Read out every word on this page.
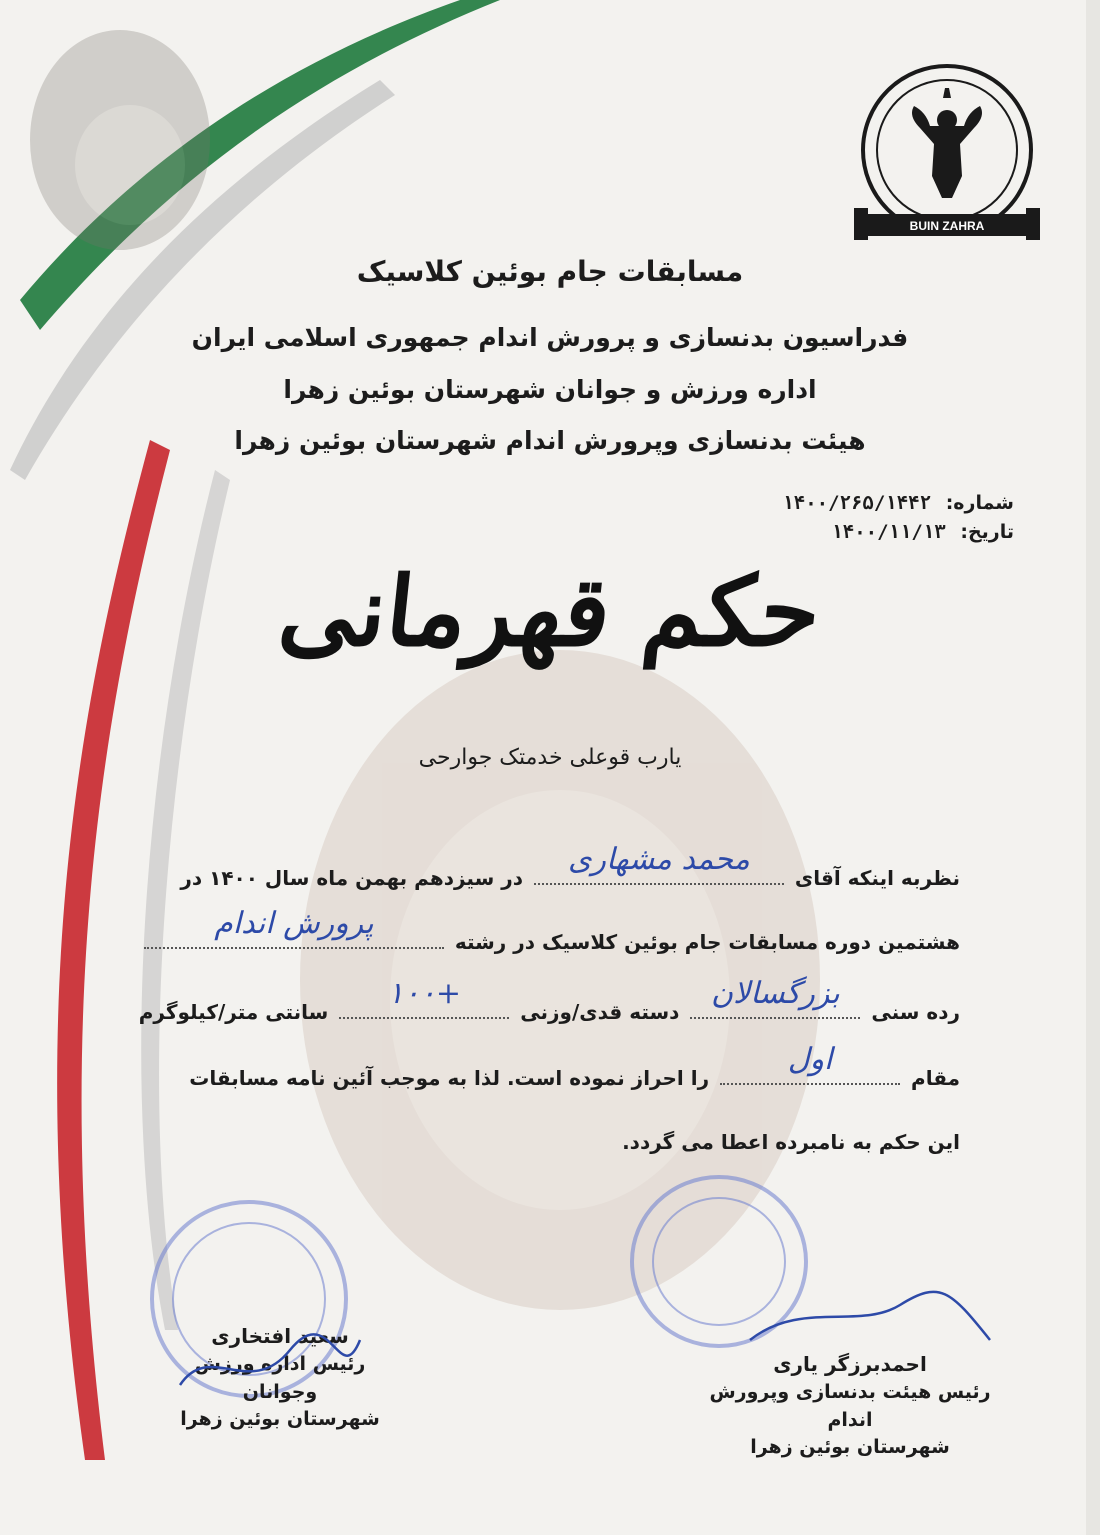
BUIN ZAHRA
مسابقات جام بوئین کلاسیک
فدراسیون بدنسازی و پرورش اندام جمهوری اسلامی ایران
اداره ورزش و جوانان شهرستان بوئین زهرا
هیئت بدنسازی وپرورش اندام شهرستان بوئین زهرا
شماره: ۱۴۰۰/۲۶۵/۱۴۴۲
تاریخ: ۱۴۰۰/۱۱/۱۳
حکم قهرمانی
یارب قوعلی خدمتک جوارحی
نظربه اینکه آقای
محمد مشهاری
در سیزدهم بهمن ماه سال ۱۴۰۰ در
هشتمین دوره مسابقات جام بوئین کلاسیک در رشته
پرورش اندام
رده سنی
بزرگسالان
دسته قدی/وزنی
+۱۰۰
سانتی متر/کیلوگرم
مقام
اول
را احراز نموده است. لذا به موجب آئین نامه مسابقات
این حکم به نامبرده اعطا می گردد.
سعید افتخاری
رئیس اداره ورزش وجوانان
شهرستان بوئین زهرا
احمدبرزگر یاری
رئیس هیئت بدنسازی وپرورش اندام
شهرستان بوئین زهرا
